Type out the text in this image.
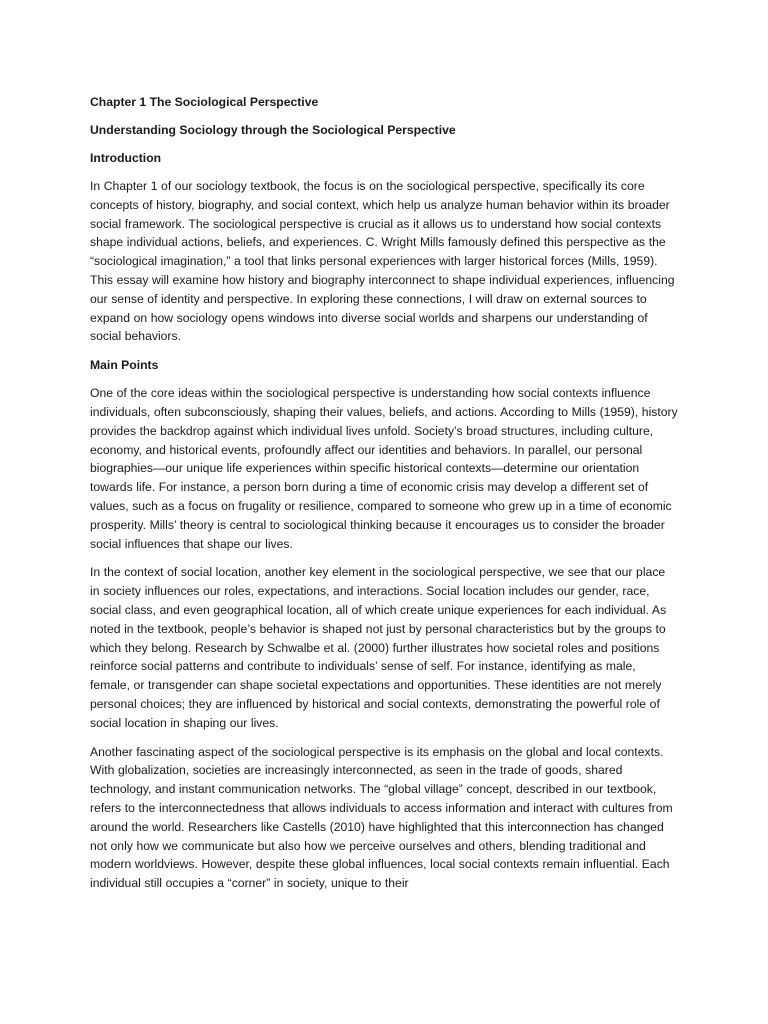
Chapter 1 The Sociological Perspective
Understanding Sociology through the Sociological Perspective
Introduction
In Chapter 1 of our sociology textbook, the focus is on the sociological perspective, specifically its core concepts of history, biography, and social context, which help us analyze human behavior within its broader social framework. The sociological perspective is crucial as it allows us to understand how social contexts shape individual actions, beliefs, and experiences. C. Wright Mills famously defined this perspective as the “sociological imagination,” a tool that links personal experiences with larger historical forces (Mills, 1959). This essay will examine how history and biography interconnect to shape individual experiences, influencing our sense of identity and perspective. In exploring these connections, I will draw on external sources to expand on how sociology opens windows into diverse social worlds and sharpens our understanding of social behaviors.
Main Points
One of the core ideas within the sociological perspective is understanding how social contexts influence individuals, often subconsciously, shaping their values, beliefs, and actions. According to Mills (1959), history provides the backdrop against which individual lives unfold. Society’s broad structures, including culture, economy, and historical events, profoundly affect our identities and behaviors. In parallel, our personal biographies—our unique life experiences within specific historical contexts—determine our orientation towards life. For instance, a person born during a time of economic crisis may develop a different set of values, such as a focus on frugality or resilience, compared to someone who grew up in a time of economic prosperity. Mills’ theory is central to sociological thinking because it encourages us to consider the broader social influences that shape our lives.
In the context of social location, another key element in the sociological perspective, we see that our place in society influences our roles, expectations, and interactions. Social location includes our gender, race, social class, and even geographical location, all of which create unique experiences for each individual. As noted in the textbook, people’s behavior is shaped not just by personal characteristics but by the groups to which they belong. Research by Schwalbe et al. (2000) further illustrates how societal roles and positions reinforce social patterns and contribute to individuals’ sense of self. For instance, identifying as male, female, or transgender can shape societal expectations and opportunities. These identities are not merely personal choices; they are influenced by historical and social contexts, demonstrating the powerful role of social location in shaping our lives.
Another fascinating aspect of the sociological perspective is its emphasis on the global and local contexts. With globalization, societies are increasingly interconnected, as seen in the trade of goods, shared technology, and instant communication networks. The “global village” concept, described in our textbook, refers to the interconnectedness that allows individuals to access information and interact with cultures from around the world. Researchers like Castells (2010) have highlighted that this interconnection has changed not only how we communicate but also how we perceive ourselves and others, blending traditional and modern worldviews. However, despite these global influences, local social contexts remain influential. Each individual still occupies a “corner” in society, unique to their
